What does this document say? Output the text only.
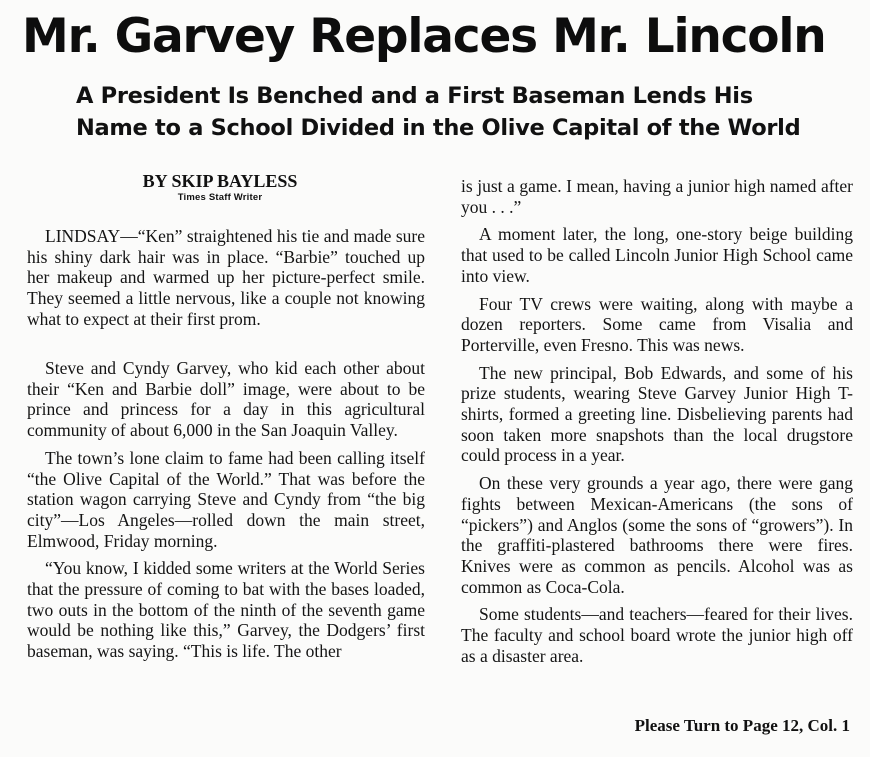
Mr. Garvey Replaces Mr. Lincoln
A President Is Benched and a First Baseman Lends His
Name to a School Divided in the Olive Capital of the World
BY SKIP BAYLESS
Times Staff Writer

LINDSAY—“Ken” straightened his tie and made sure his shiny dark hair was in place. “Barbie” touched up her makeup and warmed up her picture-perfect smile. They seemed a little nervous, like a couple not knowing what to expect at their first prom.

Steve and Cyndy Garvey, who kid each other about their “Ken and Barbie doll” image, were about to be prince and princess for a day in this agricultural community of about 6,000 in the San Joaquin Valley.

The town’s lone claim to fame had been calling itself “the Olive Capital of the World.” That was before the station wagon carrying Steve and Cyndy from “the big city”—Los Angeles—rolled down the main street, Elmwood, Friday morning.

“You know, I kidded some writers at the World Series that the pressure of coming to bat with the bases loaded, two outs in the bottom of the ninth of the seventh game would be nothing like this,” Garvey, the Dodgers’ first baseman, was saying. “This is life. The other

is just a game. I mean, having a junior high named after you . . .”

A moment later, the long, one-story beige building that used to be called Lincoln Junior High School came into view.

Four TV crews were waiting, along with maybe a dozen reporters. Some came from Visalia and Porterville, even Fresno. This was news.

The new principal, Bob Edwards, and some of his prize students, wearing Steve Garvey Junior High T-shirts, formed a greeting line. Disbelieving parents had soon taken more snapshots than the local drugstore could process in a year.

On these very grounds a year ago, there were gang fights between Mexican-Americans (the sons of “pickers”) and Anglos (some the sons of “growers”). In the graffiti-plastered bathrooms there were fires. Knives were as common as pencils. Alcohol was as common as Coca-Cola.

Some students—and teachers—feared for their lives. The faculty and school board wrote the junior high off as a disaster area.

Please Turn to Page 12, Col. 1
